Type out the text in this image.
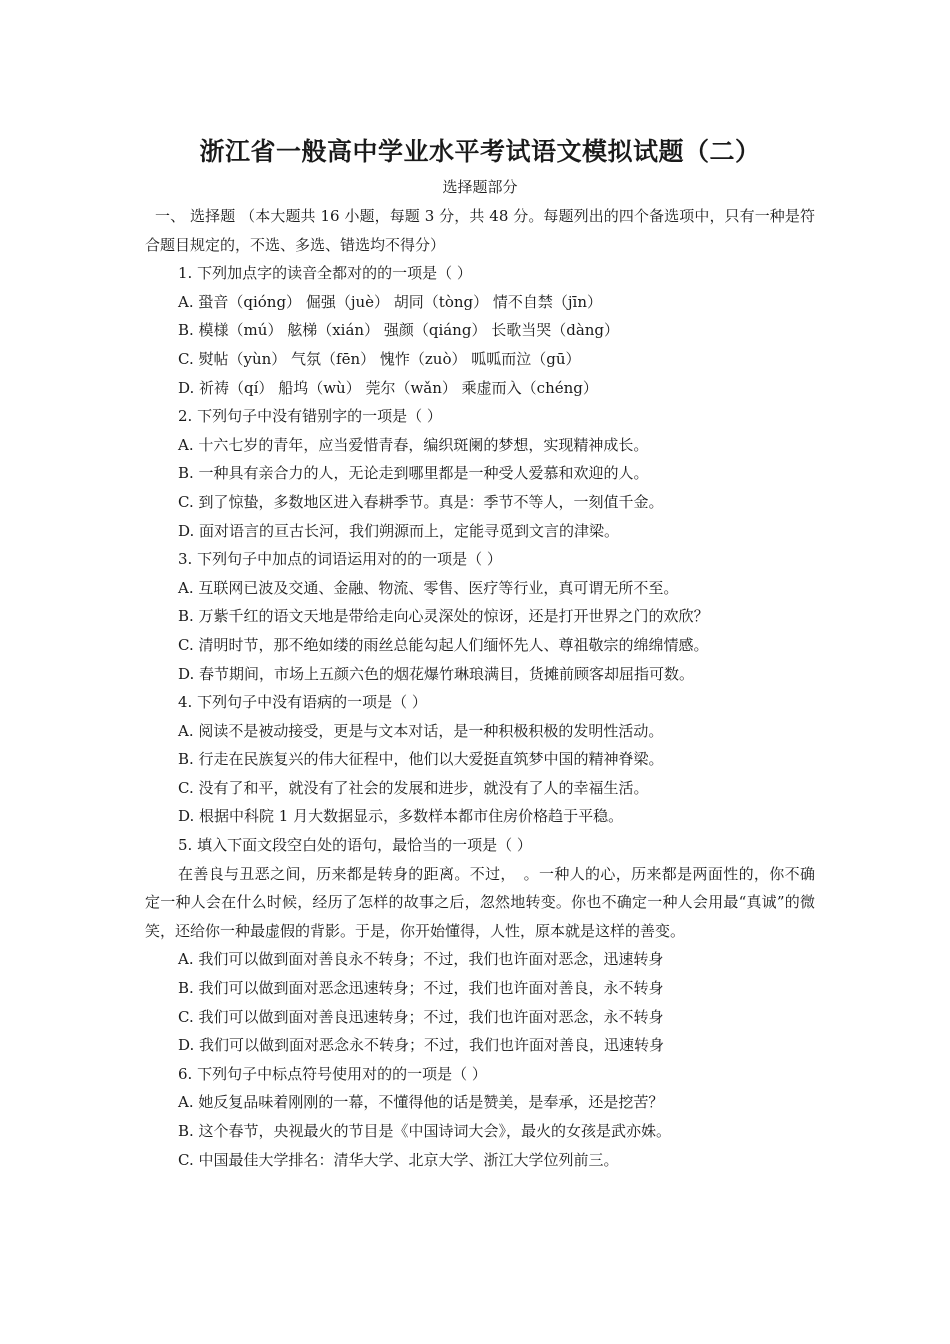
浙江省一般高中学业水平考试语文模拟试题（二）
选择题部分

一、 选择题 （本大题共 16 小题，每题 3 分，共 48 分。每题列出的四个备选项中，只有一种是符合题目规定的，不选、多选、错选均不得分）

1. 下列加点字的读音全都对的的一项是（ ）

A. 蛩音（qióng） 倔强（juè） 胡同（tòng） 情不自禁（jīn）

B. 模様（mú） 舷梯（xián） 强颜（qiáng） 长歌当哭（dàng）

C. 熨帖（yùn） 气氛（fēn） 愧怍（zuò） 呱呱而泣（gū）

D. 祈祷（qí） 船坞（wù） 莞尔（wǎn） 乘虚而入（chéng）

2. 下列句子中没有错别字的一项是（ ）

A. 十六七岁的青年，应当爱惜青春，编织斑阑的梦想，实现精神成长。

B. 一种具有亲合力的人，无论走到哪里都是一种受人爱慕和欢迎的人。

C. 到了惊蛰，多数地区进入春耕季节。真是：季节不等人，一刻值千金。

D. 面对语言的亘古长河，我们朔源而上，定能寻觅到文言的津梁。

3. 下列句子中加点的词语运用对的的一项是（ ）

A. 互联网已波及交通、金融、物流、零售、医疗等行业，真可谓无所不至。

B. 万紫千红的语文天地是带给走向心灵深处的惊讶，还是打开世界之门的欢欣？

C. 清明时节，那不绝如缕的雨丝总能勾起人们缅怀先人、尊祖敬宗的绵绵情感。

D. 春节期间，市场上五颜六色的烟花爆竹琳琅满目，货摊前顾客却屈指可数。

4. 下列句子中没有语病的一项是（ ）

A. 阅读不是被动接受，更是与文本对话，是一种积极积极的发明性活动。

B. 行走在民族复兴的伟大征程中，他们以大爱挺直筑梦中国的精神脊梁。

C. 没有了和平，就没有了社会的发展和进步，就没有了人的幸福生活。

D. 根据中科院 1 月大数据显示，多数样本都市住房价格趋于平稳。

5. 填入下面文段空白处的语句，最恰当的一项是（ ）

在善良与丑恶之间，历来都是转身的距离。不过，　。一种人的心，历来都是两面性的，你不确定一种人会在什么时候，经历了怎样的故事之后，忽然地转变。你也不确定一种人会用最“真诚”的微笑，还给你一种最虚假的背影。于是，你开始懂得，人性，原本就是这样的善变。

A. 我们可以做到面对善良永不转身；不过，我们也许面对恶念，迅速转身

B. 我们可以做到面对恶念迅速转身；不过，我们也许面对善良，永不转身

C. 我们可以做到面对善良迅速转身；不过，我们也许面对恶念，永不转身

D. 我们可以做到面对恶念永不转身；不过，我们也许面对善良，迅速转身

6. 下列句子中标点符号使用对的的一项是（ ）

A. 她反复品味着刚刚的一幕，不懂得他的话是赞美，是奉承，还是挖苦？

B. 这个春节，央视最火的节目是《中国诗词大会》，最火的女孩是武亦姝。

C. 中国最佳大学排名：清华大学、北京大学、浙江大学位列前三。
